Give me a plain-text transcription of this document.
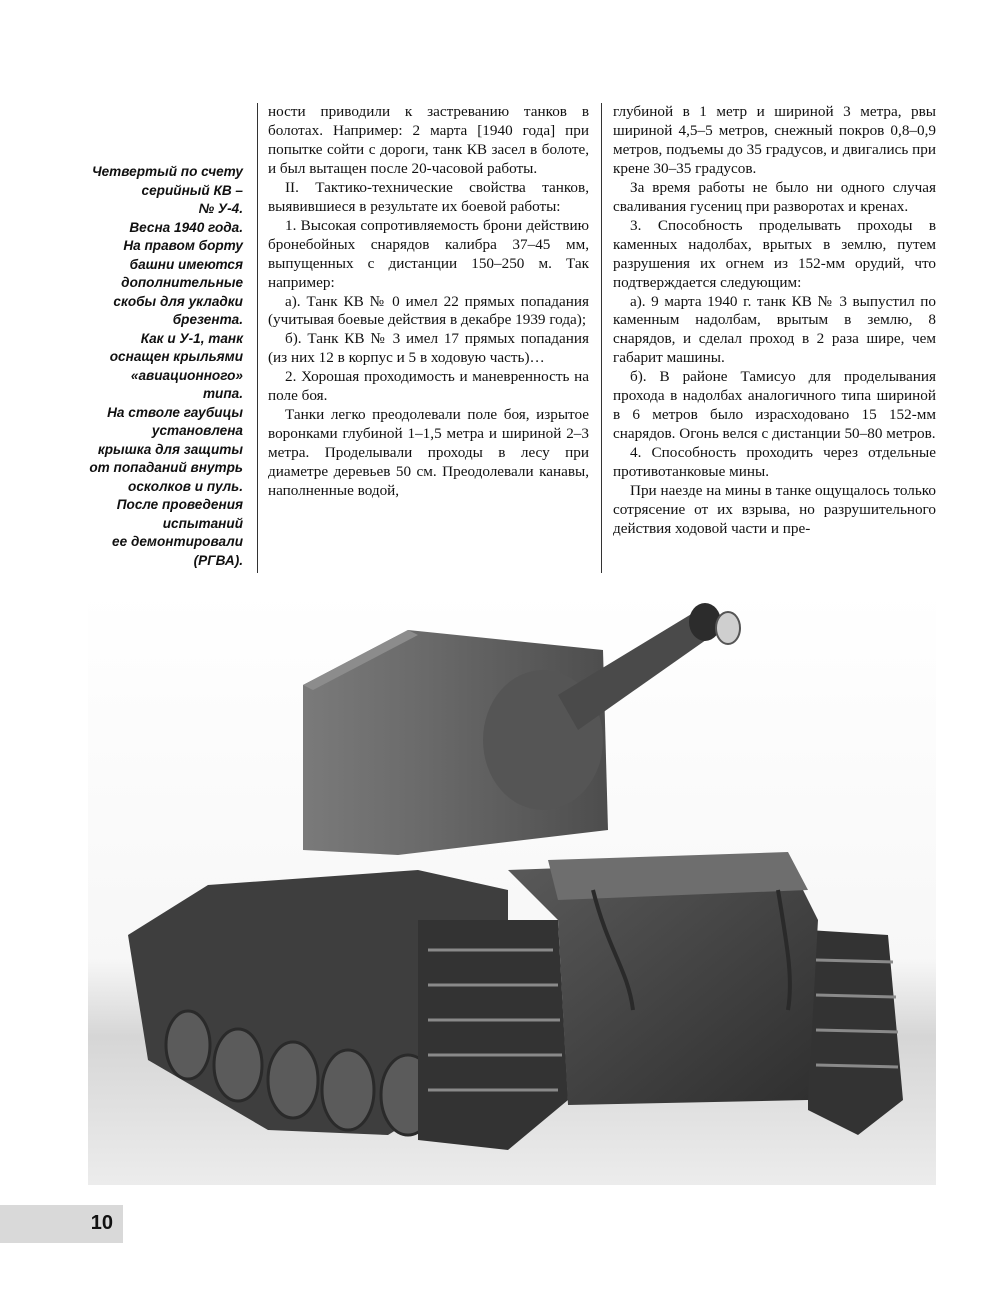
Четвертый по счету
серийный КВ –
№ У-4.
Весна 1940 года.
На правом борту
башни имеются
дополнительные
скобы для укладки
брезента.
Как и У-1, танк
оснащен крыльями
«авиационного»
типа.
На стволе гаубицы
установлена
крышка для защиты
от попаданий внутрь
осколков и пуль.
После проведения
испытаний
ее демонтировали
(РГВА).

ности приводили к застреванию танков в болотах. Например: 2 марта [1940 года] при попытке сойти с дороги, танк КВ засел в болоте, и был вытащен после 20-часовой работы.

II. Тактико-технические свойства танков, выявившиеся в результате их боевой работы:

1. Высокая сопротивляемость брони действию бронебойных снарядов калибра 37–45 мм, выпущенных с дистанции 150–250 м. Так например:

а). Танк КВ № 0 имел 22 прямых попадания (учитывая боевые действия в декабре 1939 года);

б). Танк КВ № 3 имел 17 прямых попадания (из них 12 в корпус и 5 в ходовую часть)…

2. Хорошая проходимость и маневренность на поле боя.

Танки легко преодолевали поле боя, изрытое воронками глубиной 1–1,5 метра и шириной 2–3 метра. Проделывали проходы в лесу при диаметре деревьев 50 см. Преодолевали канавы, наполненные водой,

глубиной в 1 метр и шириной 3 метра, рвы шириной 4,5–5 метров, снежный покров 0,8–0,9 метров, подъемы до 35 градусов, и двигались при крене 30–35 градусов.

За время работы не было ни одного случая сваливания гусениц при разворотах и кренах.

3. Способность проделывать проходы в каменных надолбах, врытых в землю, путем разрушения их огнем из 152-мм орудий, что подтверждается следующим:

а). 9 марта 1940 г. танк КВ № 3 выпустил по каменным надолбам, врытым в землю, 8 снарядов, и сделал проход в 2 раза шире, чем габарит машины.

б). В районе Тамисyo для проделывания прохода в надолбах аналогичного типа шириной в 6 метров было израсходовано 15 152-мм снарядов. Огонь велся с дистанции 50–80 метров.

4. Способность проходить через отдельные противотанковые мины.

При наезде на мины в танке ощущалось только сотрясение от их взрыва, но разрушительного действия ходовой части и пре-

10
